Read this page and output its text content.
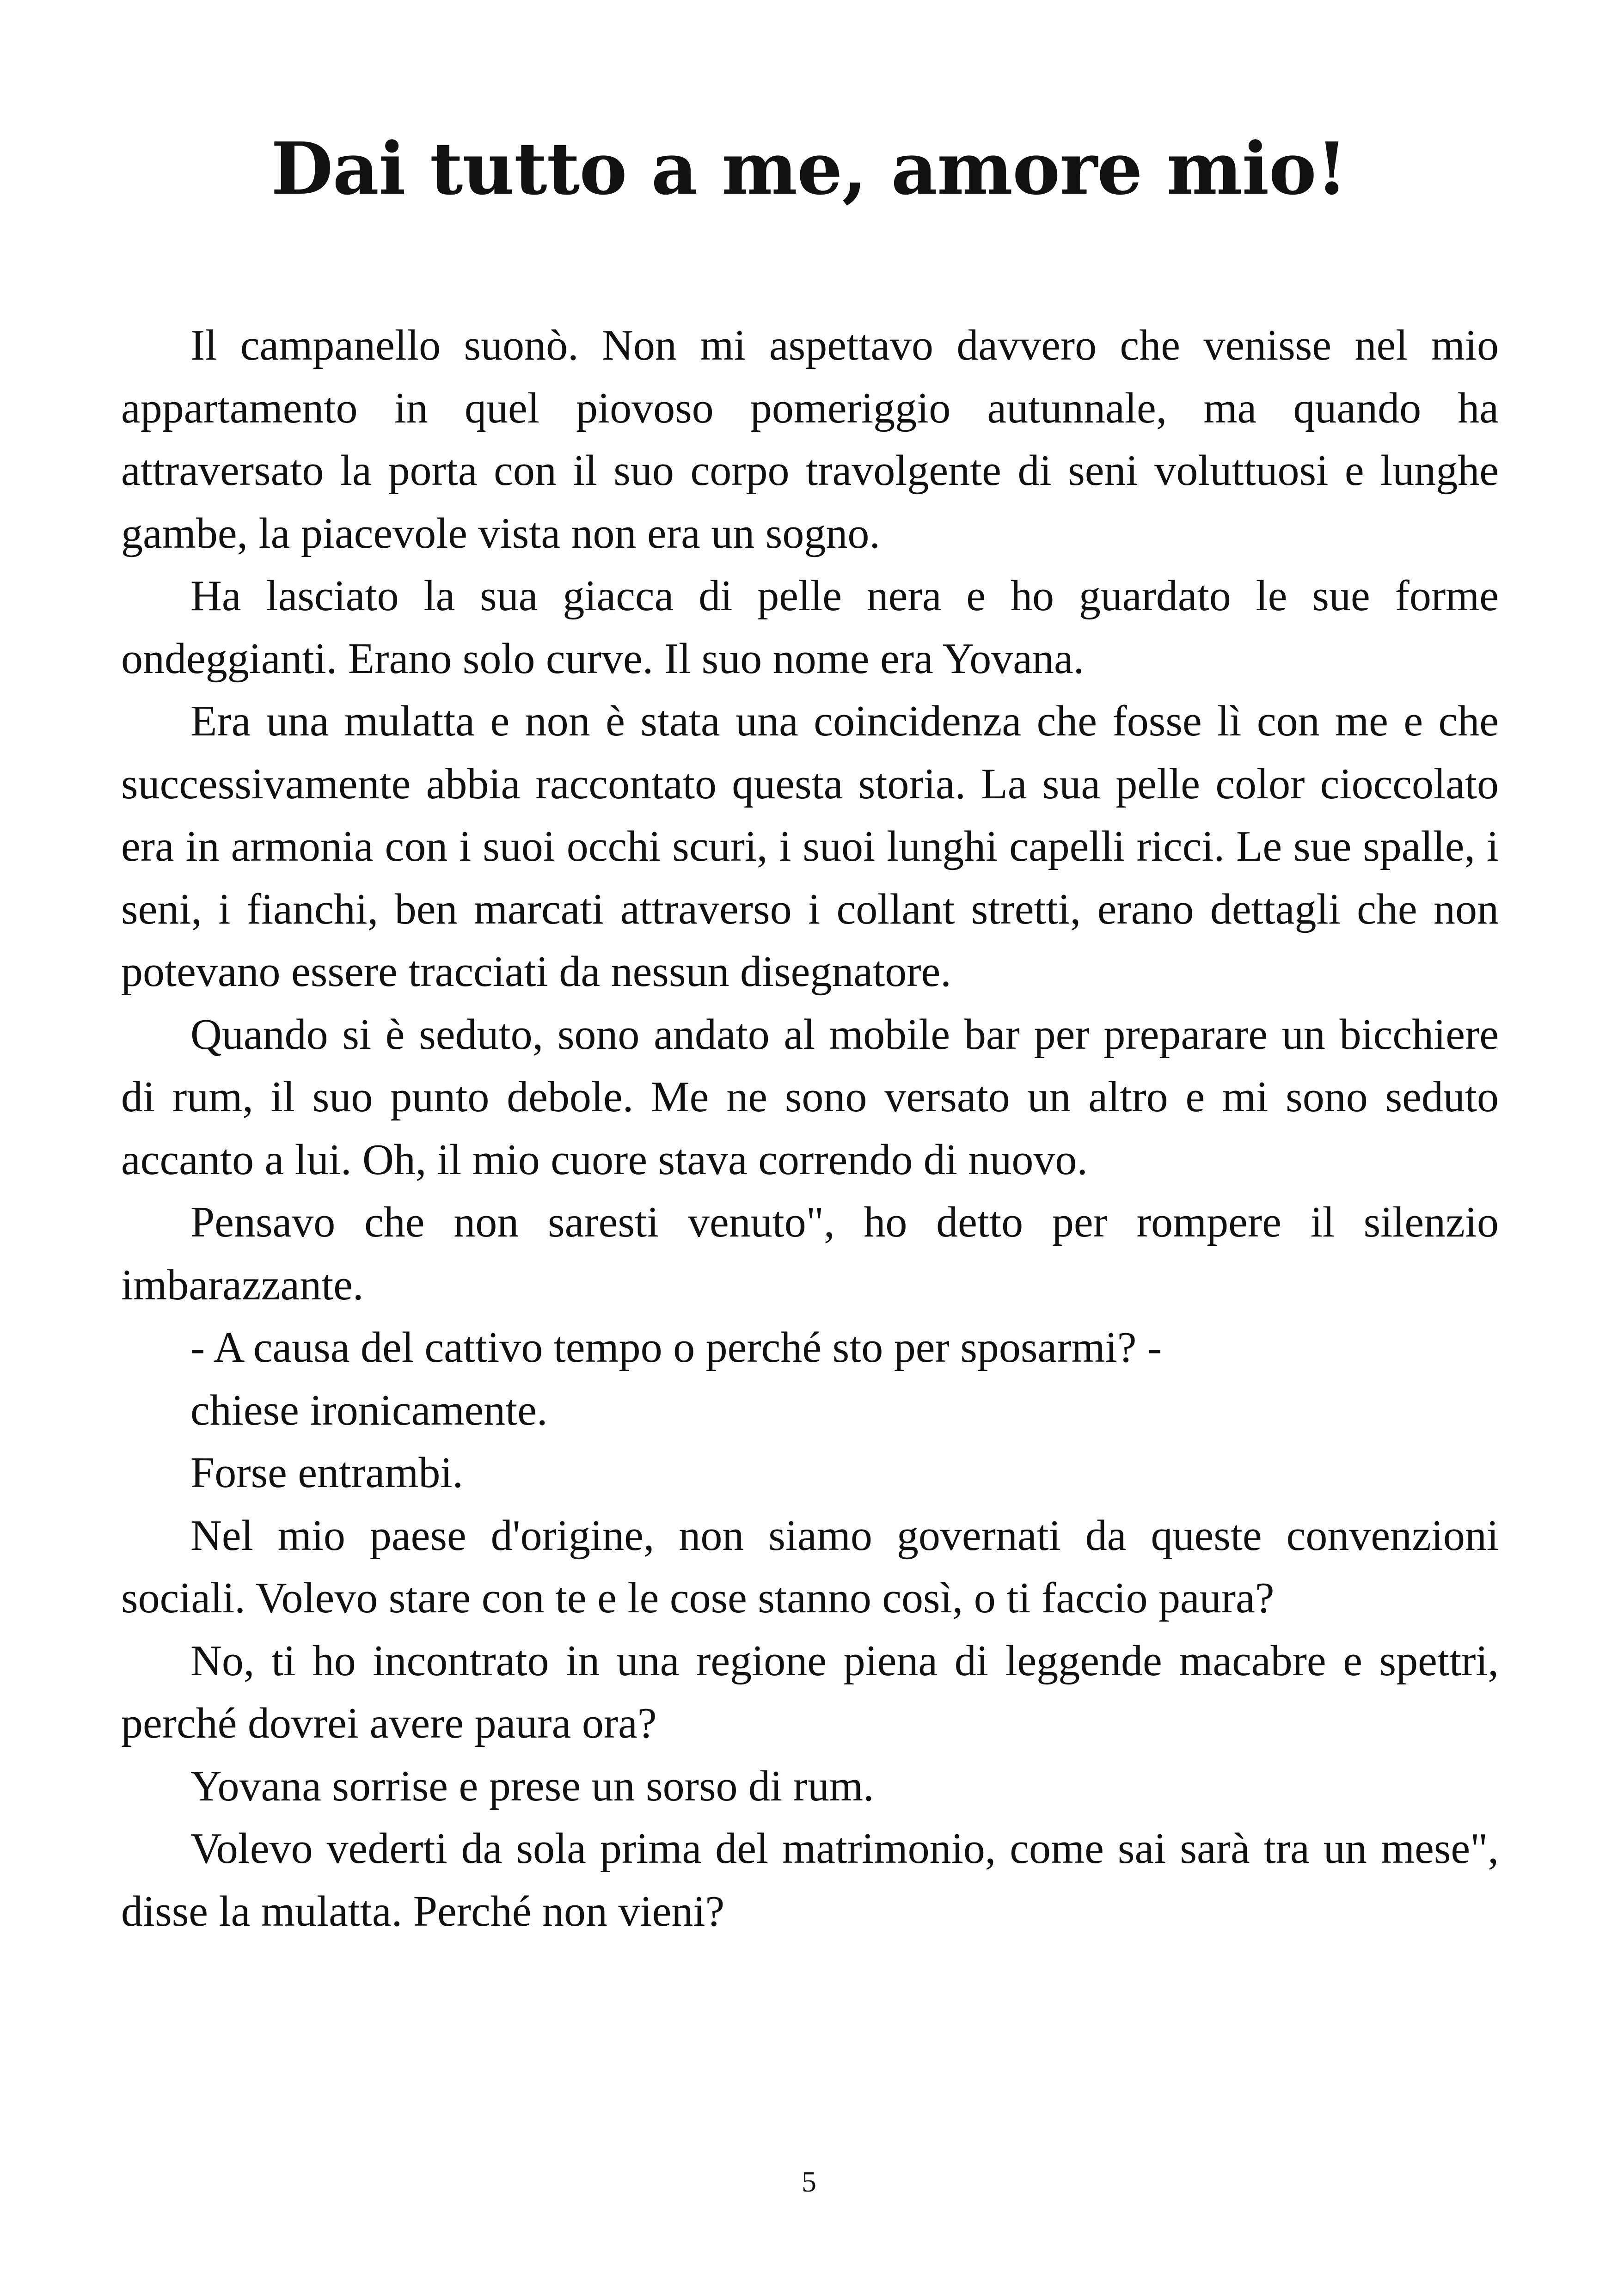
Dai tutto a me, amore mio!

Il campanello suonò. Non mi aspettavo davvero che venisse nel mio appartamento in quel piovoso pomeriggio autunnale, ma quando ha attraversato la porta con il suo corpo travolgente di seni voluttuosi e lunghe gambe, la piacevole vista non era un sogno.

Ha lasciato la sua giacca di pelle nera e ho guardato le sue forme ondeggianti. Erano solo curve. Il suo nome era Yovana.

Era una mulatta e non è stata una coincidenza che fosse lì con me e che successivamente abbia raccontato questa storia. La sua pelle color cioccolato era in armonia con i suoi occhi scuri, i suoi lunghi capelli ricci. Le sue spalle, i seni, i fianchi, ben marcati attraverso i collant stretti, erano dettagli che non potevano essere tracciati da nessun disegnatore.

Quando si è seduto, sono andato al mobile bar per preparare un bicchiere di rum, il suo punto debole. Me ne sono versato un altro e mi sono seduto accanto a lui. Oh, il mio cuore stava correndo di nuovo.

Pensavo che non saresti venuto", ho detto per rompere il silenzio imbarazzante.

- A causa del cattivo tempo o perché sto per sposarmi? -

chiese ironicamente.

Forse entrambi.

Nel mio paese d'origine, non siamo governati da queste convenzioni sociali. Volevo stare con te e le cose stanno così, o ti faccio paura?

No, ti ho incontrato in una regione piena di leggende macabre e spettri, perché dovrei avere paura ora?

Yovana sorrise e prese un sorso di rum.

Volevo vederti da sola prima del matrimonio, come sai sarà tra un mese", disse la mulatta. Perché non vieni?

5
